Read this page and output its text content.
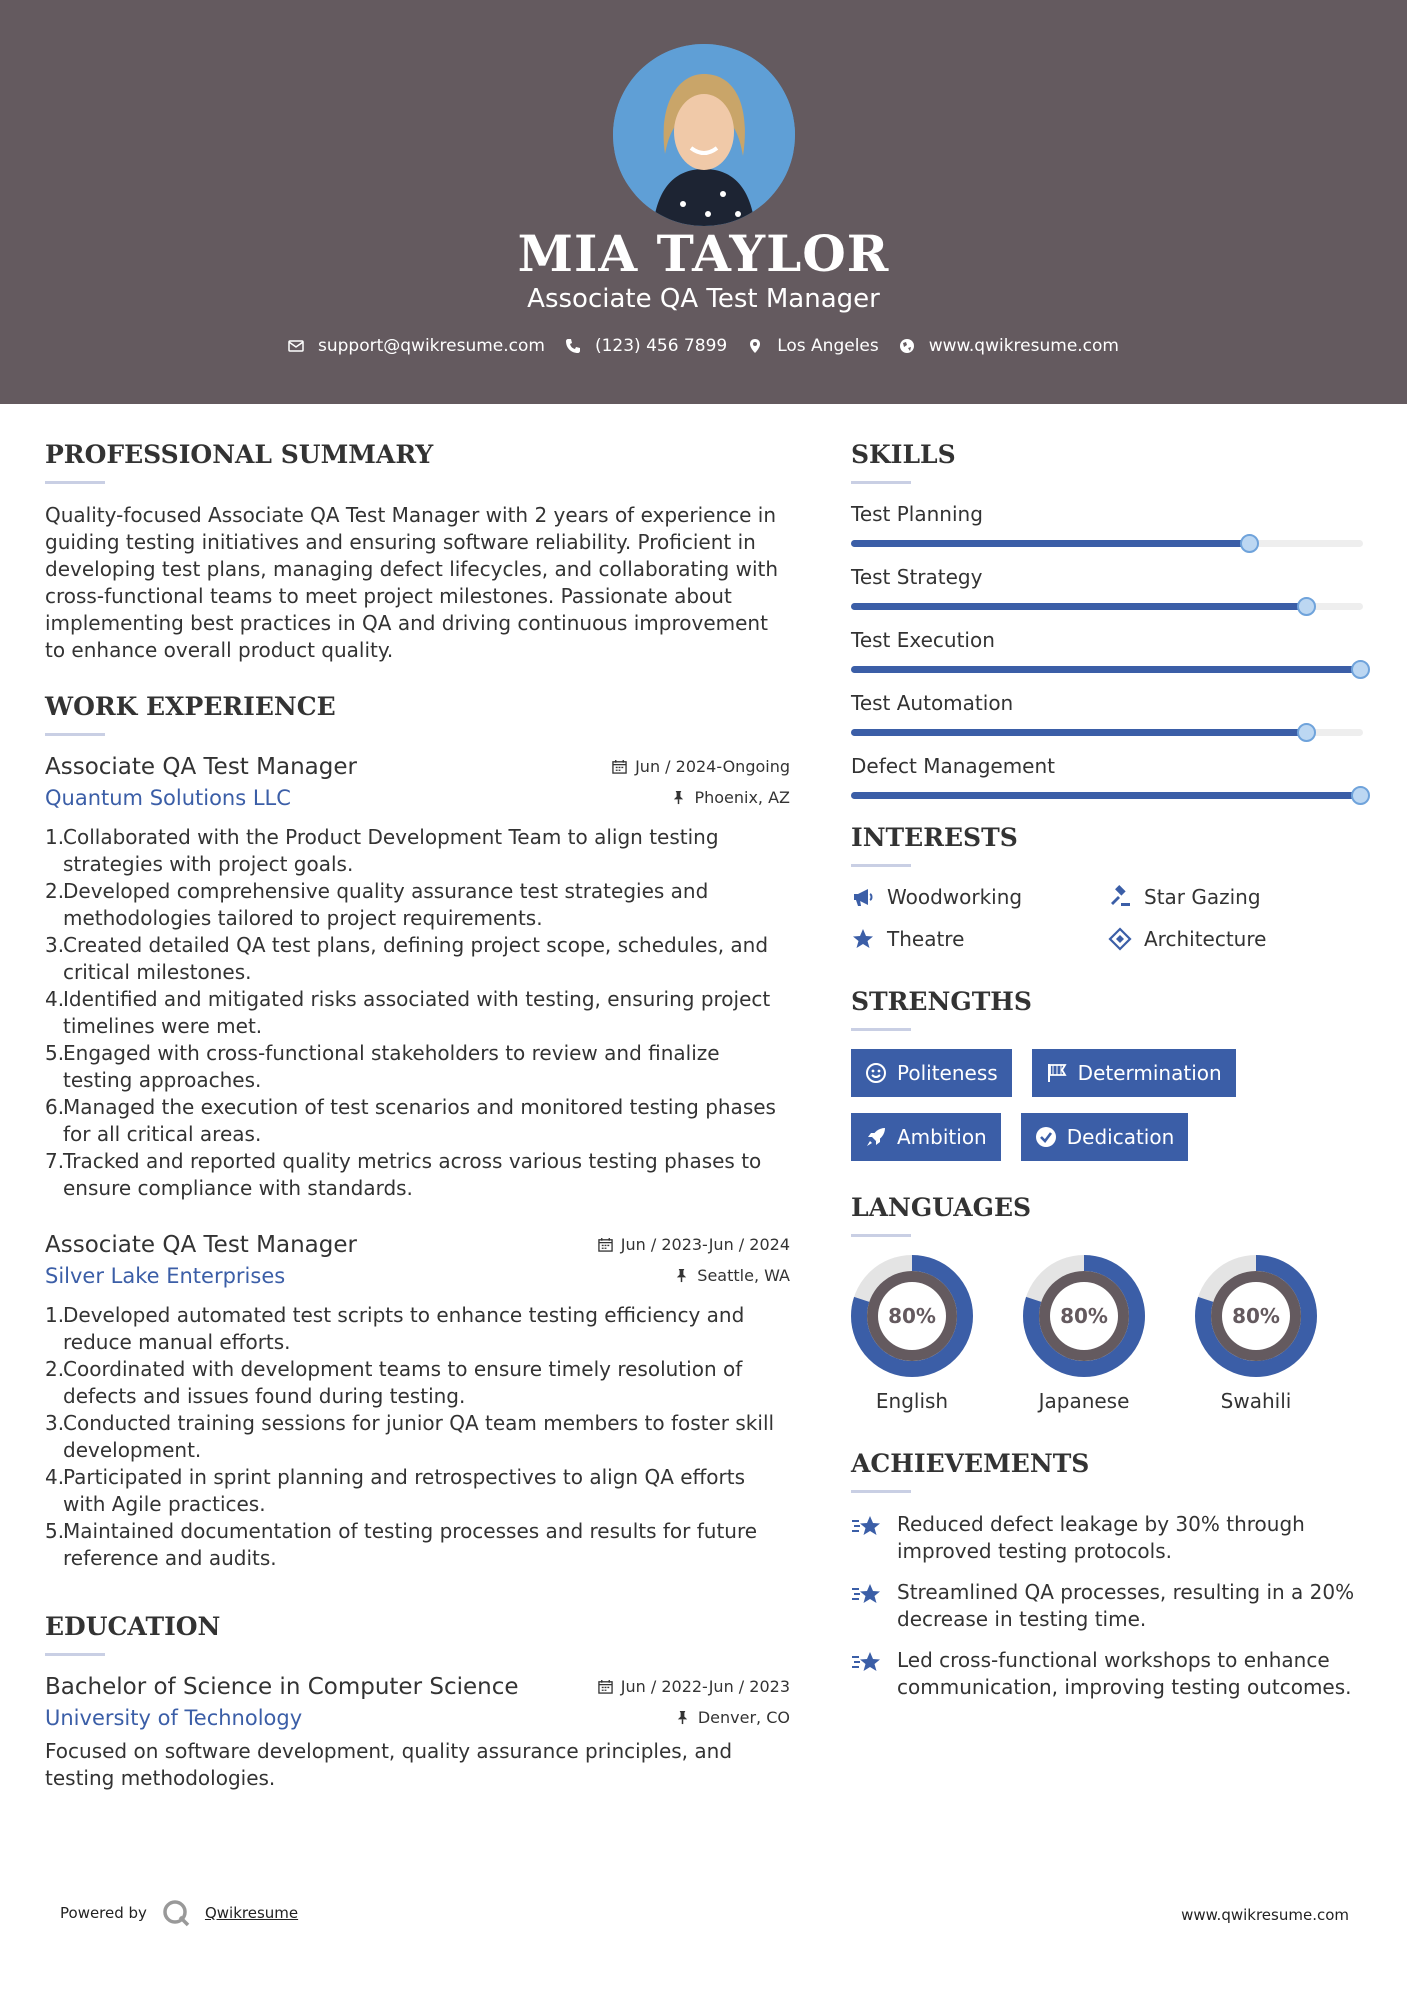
MIA TAYLOR
Associate QA Test Manager
support@qwikresume.com	(123) 456 7899	Los Angeles	www.qwikresume.com
PROFESSIONAL SUMMARY
Quality-focused Associate QA Test Manager with 2 years of experience in guiding testing initiatives and ensuring software reliability. Proficient in developing test plans, managing defect lifecycles, and collaborating with cross-functional teams to meet project milestones. Passionate about implementing best practices in QA and driving continuous improvement to enhance overall product quality.
WORK EXPERIENCE
Associate QA Test Manager	Jun / 2024-Ongoing
Quantum Solutions LLC	Phoenix, AZ
1.
Collaborated with the Product Development Team to align testing strategies with project goals.
2.
Developed comprehensive quality assurance test strategies and methodologies tailored to project requirements.
3.
Created detailed QA test plans, defining project scope, schedules, and critical milestones.
4.
Identified and mitigated risks associated with testing, ensuring project timelines were met.
5.
Engaged with cross-functional stakeholders to review and finalize testing approaches.
6.
Managed the execution of test scenarios and monitored testing phases for all critical areas.
7.
Tracked and reported quality metrics across various testing phases to ensure compliance with standards.
Associate QA Test Manager	Jun / 2023-Jun / 2024
Silver Lake Enterprises	Seattle, WA
1.
Developed automated test scripts to enhance testing efficiency and reduce manual efforts.
2.
Coordinated with development teams to ensure timely resolution of defects and issues found during testing.
3.
Conducted training sessions for junior QA team members to foster skill development.
4.
Participated in sprint planning and retrospectives to align QA efforts with Agile practices.
5.
Maintained documentation of testing processes and results for future reference and audits.
EDUCATION
Bachelor of Science in Computer Science	Jun / 2022-Jun / 2023
University of Technology	Denver, CO
Focused on software development, quality assurance principles, and testing methodologies.
SKILLS
Test Planning
Test Strategy
Test Execution
Test Automation
Defect Management
INTERESTS
Woodworking	Star Gazing
Theatre	Architecture
STRENGTHS
Politeness	Determination
Ambition	Dedication
LANGUAGES
80%
English
80%
Japanese
80%
Swahili
ACHIEVEMENTS
Reduced defect leakage by 30% through improved testing protocols.
Streamlined QA processes, resulting in a 20% decrease in testing time.
Led cross-functional workshops to enhance communication, improving testing outcomes.
Powered by	Qwikresume	www.qwikresume.com
